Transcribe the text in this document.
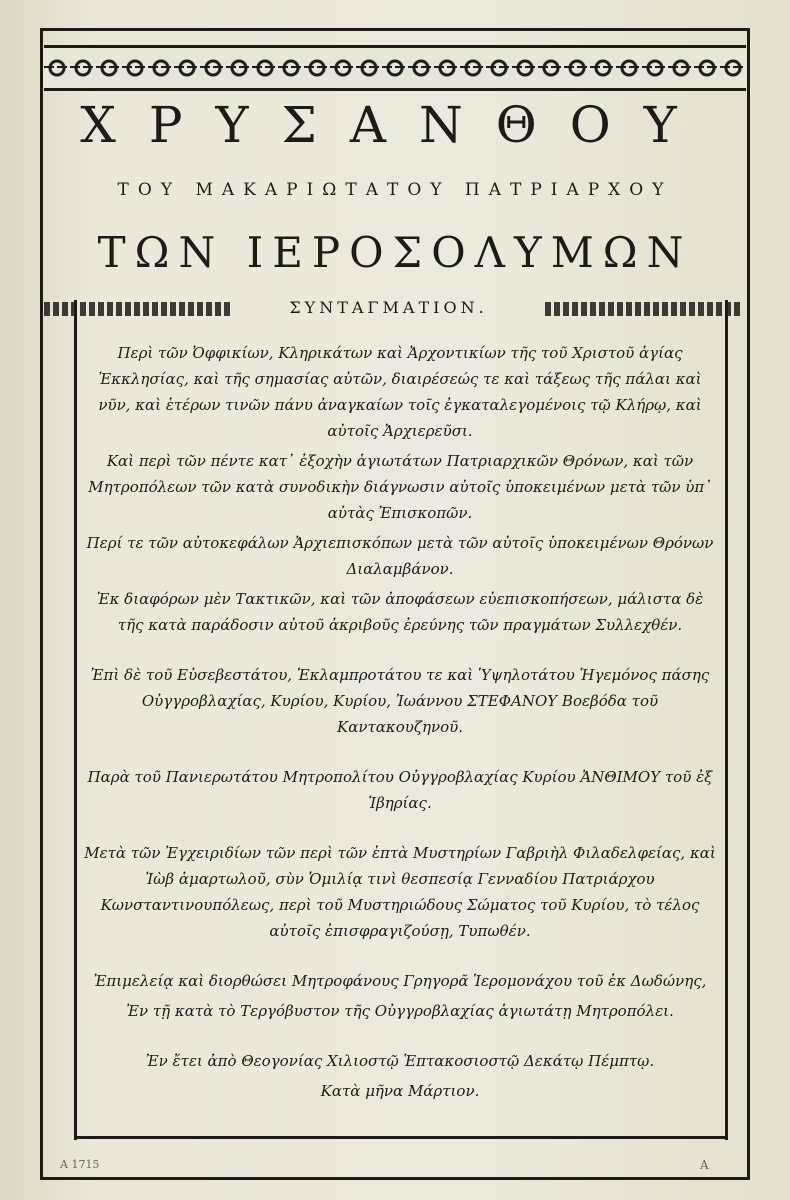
ΧΡΥΣΑΝΘΟΥ
ΤΟΥ ΜΑΚΑΡΙΩΤΑΤΟΥ ΠΑΤΡΙΑΡΧΟΥ
ΤΩΝ ΙΕΡΟΣΟΛΥΜΩΝ
ΣΥΝΤΑΓΜΑΤΙΟΝ.

Περὶ τῶν Ὀφφικίων, Κληρικάτων καὶ Ἀρχοντικίων τῆς τοῦ Χριστοῦ ἁγίας Ἐκκλησίας, καὶ τῆς σημασίας αὐτῶν, διαιρέσεώς τε καὶ τάξεως τῆς πάλαι καὶ νῦν, καὶ ἑτέρων τινῶν πάνυ ἀναγκαίων τοῖς ἐγκαταλεγομένοις τῷ Κλήρῳ, καὶ αὐτοῖς Ἀρχιερεῦσι.

Καὶ περὶ τῶν πέντε κατ᾽ ἐξοχὴν ἁγιωτάτων Πατριαρχικῶν Θρόνων, καὶ τῶν Μητροπόλεων τῶν κατὰ συνοδικὴν διάγνωσιν αὐτοῖς ὑποκειμένων μετὰ τῶν ὑπ᾽ αὐτὰς Ἐπισκοπῶν.

Περί τε τῶν αὐτοκεφάλων Ἀρχιεπισκόπων μετὰ τῶν αὐτοῖς ὑποκειμένων Θρόνων Διαλαμβάνον.

Ἐκ διαφόρων μὲν Τακτικῶν, καὶ τῶν ἀποφάσεων εὐεπισκοπήσεων, μάλιστα δὲ τῆς κατὰ παράδοσιν αὐτοῦ ἀκριβοῦς ἐρεύνης τῶν πραγμάτων Συλλεχθέν.

Ἐπὶ δὲ τοῦ Εὐσεβεστάτου, Ἐκλαμπροτάτου τε καὶ Ὑψηλοτάτου Ἡγεμόνος πάσης Οὐγγροβλαχίας, Κυρίου, Κυρίου, Ἰωάννου ΣΤΕΦΑΝΟΥ Βοεβόδα τοῦ Καντακουζηνοῦ.

Παρὰ τοῦ Πανιερωτάτου Μητροπολίτου Οὐγγροβλαχίας Κυρίου ἈΝΘΙΜΟΥ τοῦ ἐξ Ἰβηρίας.

Μετὰ τῶν Ἐγχειριδίων τῶν περὶ τῶν ἑπτὰ Μυστηρίων Γαβριὴλ Φιλαδελφείας, καὶ Ἰὼβ ἁμαρτωλοῦ, σὺν Ὁμιλίᾳ τινὶ θεσπεσίᾳ Γενναδίου Πατριάρχου Κωνσταντινουπόλεως, περὶ τοῦ Μυστηριώδους Σώματος τοῦ Κυρίου, τὸ τέλος αὐτοῖς ἐπισφραγιζούσῃ, Τυπωθέν.

Ἐπιμελείᾳ καὶ διορθώσει Μητροφάνους Γρηγορᾶ Ἱερομονάχου τοῦ ἐκ Δωδώνης,

Ἐν τῇ κατὰ τὸ Τεργόβυστον τῆς Οὐγγροβλαχίας ἁγιωτάτῃ Μητροπόλει.

Ἐν ἔτει ἀπὸ Θεογονίας Χιλιοστῷ Ἑπτακοσιοστῷ Δεκάτῳ Πέμπτῳ.

Κατὰ μῆνα Μάρτιον.

A 1715	A
